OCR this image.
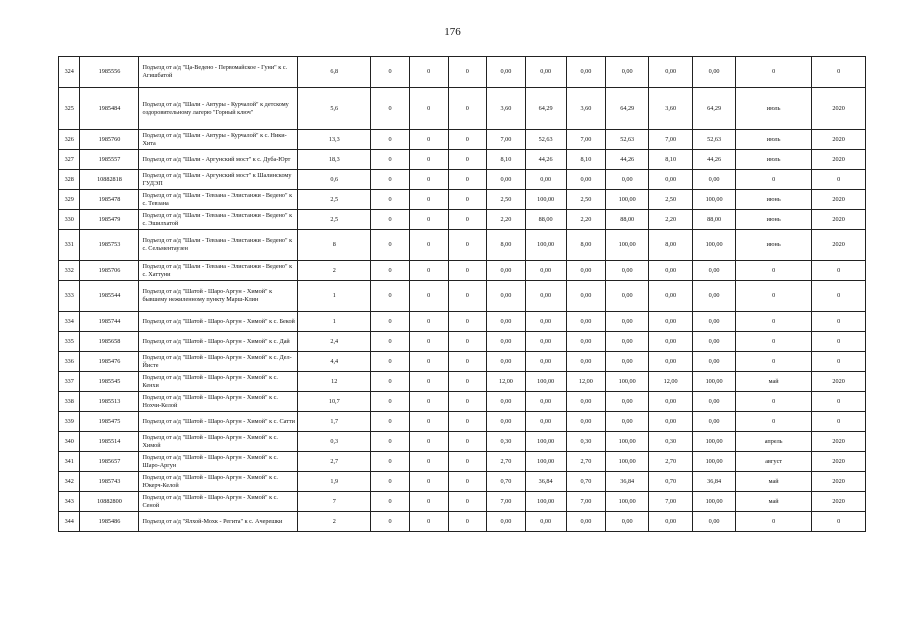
176
324	1985556	Подъезд от а/д "Ца-Ведено - Первомайское - Гуни" к с. Агишбатой	6,8	0	0	0	0,00	0,00	0,00	0,00	0,00	0,00	0	0
325	1985484	Подъезд от а/д "Шали - Автуры - Курчалой" к детскому оздоровительному лагерю "Горный ключ"	5,6	0	0	0	3,60	64,29	3,60	64,29	3,60	64,29	июль	2020
326	1985760	Подъезд от а/д "Шали - Автуры - Курчалой" к с. Ники-Хита	13,3	0	0	0	7,00	52,63	7,00	52,63	7,00	52,63	июль	2020
327	1985557	Подъезд от а/д "Шали - Аргунский мост" к с. Дуба-Юрт	18,3	0	0	0	8,10	44,26	8,10	44,26	8,10	44,26	июль	2020
328	10882818	Подъезд от а/д "Шали - Аргунский мост" к Шалинскому ГУДЭП	0,6	0	0	0	0,00	0,00	0,00	0,00	0,00	0,00	0	0
329	1985478	Подъезд от а/д "Шали - Тевзана - Элистанжи - Ведено" к с. Тевзана	2,5	0	0	0	2,50	100,00	2,50	100,00	2,50	100,00	июнь	2020
330	1985479	Подъезд от а/д "Шали - Тевзана - Элистанжи - Ведено" к с. Эшилхатой	2,5	0	0	0	2,20	88,00	2,20	88,00	2,20	88,00	июнь	2020
331	1985753	Подъезд от а/д "Шали - Тевзана - Элистанжи - Ведено" к с. Сельментаузен	8	0	0	0	8,00	100,00	8,00	100,00	8,00	100,00	июнь	2020
332	1985706	Подъезд от а/д "Шали - Тевзана - Элистанжи - Ведено" к с. Хаттуни	2	0	0	0	0,00	0,00	0,00	0,00	0,00	0,00	0	0
333	1985544	Подъезд от а/д "Шатой - Шаро-Аргун - Химой" к бывшему нежиленному пункту Марш-Клин	1	0	0	0	0,00	0,00	0,00	0,00	0,00	0,00	0	0
334	1985744	Подъезд от а/д "Шатой - Шаро-Аргун - Химой" к с. Бекой	1	0	0	0	0,00	0,00	0,00	0,00	0,00	0,00	0	0
335	1985658	Подъезд от а/д "Шатой - Шаро-Аргун - Химой" к с. Дай	2,4	0	0	0	0,00	0,00	0,00	0,00	0,00	0,00	0	0
336	1985476	Подъезд от а/д "Шатой - Шаро-Аргун - Химой" к с. Дел-Йисте	4,4	0	0	0	0,00	0,00	0,00	0,00	0,00	0,00	0	0
337	1985545	Подъезд от а/д "Шатой - Шаро-Аргун - Химой" к с. Кенхи	12	0	0	0	12,00	100,00	12,00	100,00	12,00	100,00	май	2020
338	1985513	Подъезд от а/д "Шатой - Шаро-Аргун - Химой" к с. Нохчи-Келой	10,7	0	0	0	0,00	0,00	0,00	0,00	0,00	0,00	0	0
339	1985475	Подъезд от а/д "Шатой - Шаро-Аргун - Химой" к с. Сатти	1,7	0	0	0	0,00	0,00	0,00	0,00	0,00	0,00	0	0
340	1985514	Подъезд от а/д "Шатой - Шаро-Аргун - Химой" к с. Химой	0,3	0	0	0	0,30	100,00	0,30	100,00	0,30	100,00	апрель	2020
341	1985657	Подъезд от а/д "Шатой - Шаро-Аргун - Химой" к с. Шаро-Аргун	2,7	0	0	0	2,70	100,00	2,70	100,00	2,70	100,00	август	2020
342	1985743	Подъезд от а/д "Шатой - Шаро-Аргун - Химой" к с. Юкерч-Келой	1,9	0	0	0	0,70	36,84	0,70	36,84	0,70	36,84	май	2020
343	10882800	Подъезд от а/д "Шатой - Шаро-Аргун - Химой" к с. Сеной	7	0	0	0	7,00	100,00	7,00	100,00	7,00	100,00	май	2020
344	1985486	Подъезд от а/д "Ялхой-Мохк - Регита" к с. Ачерешки	2	0	0	0	0,00	0,00	0,00	0,00	0,00	0,00	0	0
